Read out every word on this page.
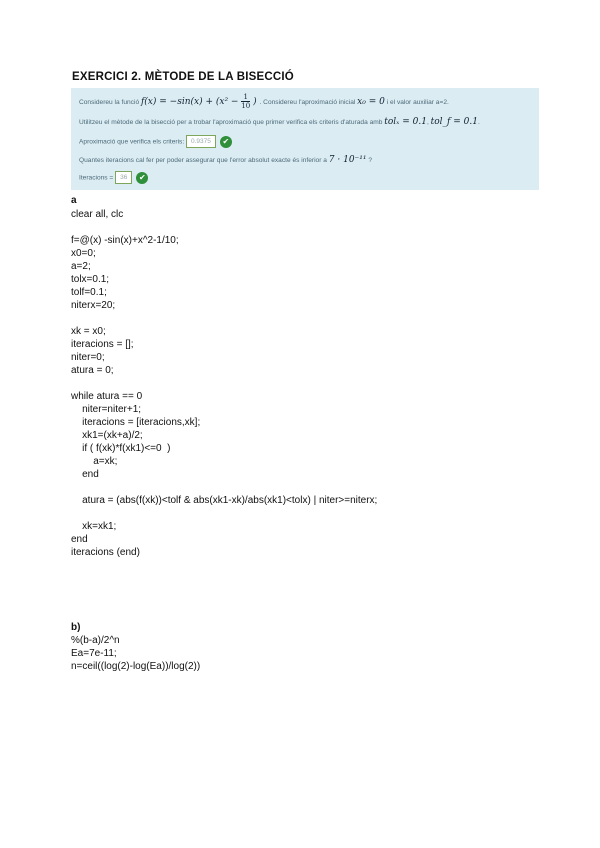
EXERCICI 2. MÈTODE DE LA BISECCIÓ
Considereu la funció $f(x) = -\sin(x) + (x^2 - \frac{1}{10}$ ) . Considereu l'aproximació inicial x₀ = 0 i el valor auxiliar a=2.
Utilitzeu el mètode de la bisecció per a trobar l'aproximació que primer verifica els criteris d'aturada amb tolₓ = 0.1, tol_f = 0.1.
Aproximació que verifica els criteris: 0.9375 ✔
Quantes iteracions cal fer per poder assegurar que l'error absolut exacte és inferior a 7 · 10⁻¹¹ ?
Iteracions = 36 ✔
a
clear all, clc

f=@(x) -sin(x)+x^2-1/10;
x0=0;
a=2;
tolx=0.1;
tolf=0.1;
niterx=20;

xk = x0;
iteracions = [];
niter=0;
atura = 0;

while atura == 0
niter=niter+1;
iteracions = [iteracions,xk];
xk1=(xk+a)/2;
if ( f(xk)*f(xk1)<=0  )
a=xk;
end

atura = (abs(f(xk))<tolf & abs(xk1-xk)/abs(xk1)<tolx) | niter>=niterx;

xk=xk1;
end
iteracions (end)
b)
%(b-a)/2^n
Ea=7e-11;
n=ceil((log(2)-log(Ea))/log(2))
